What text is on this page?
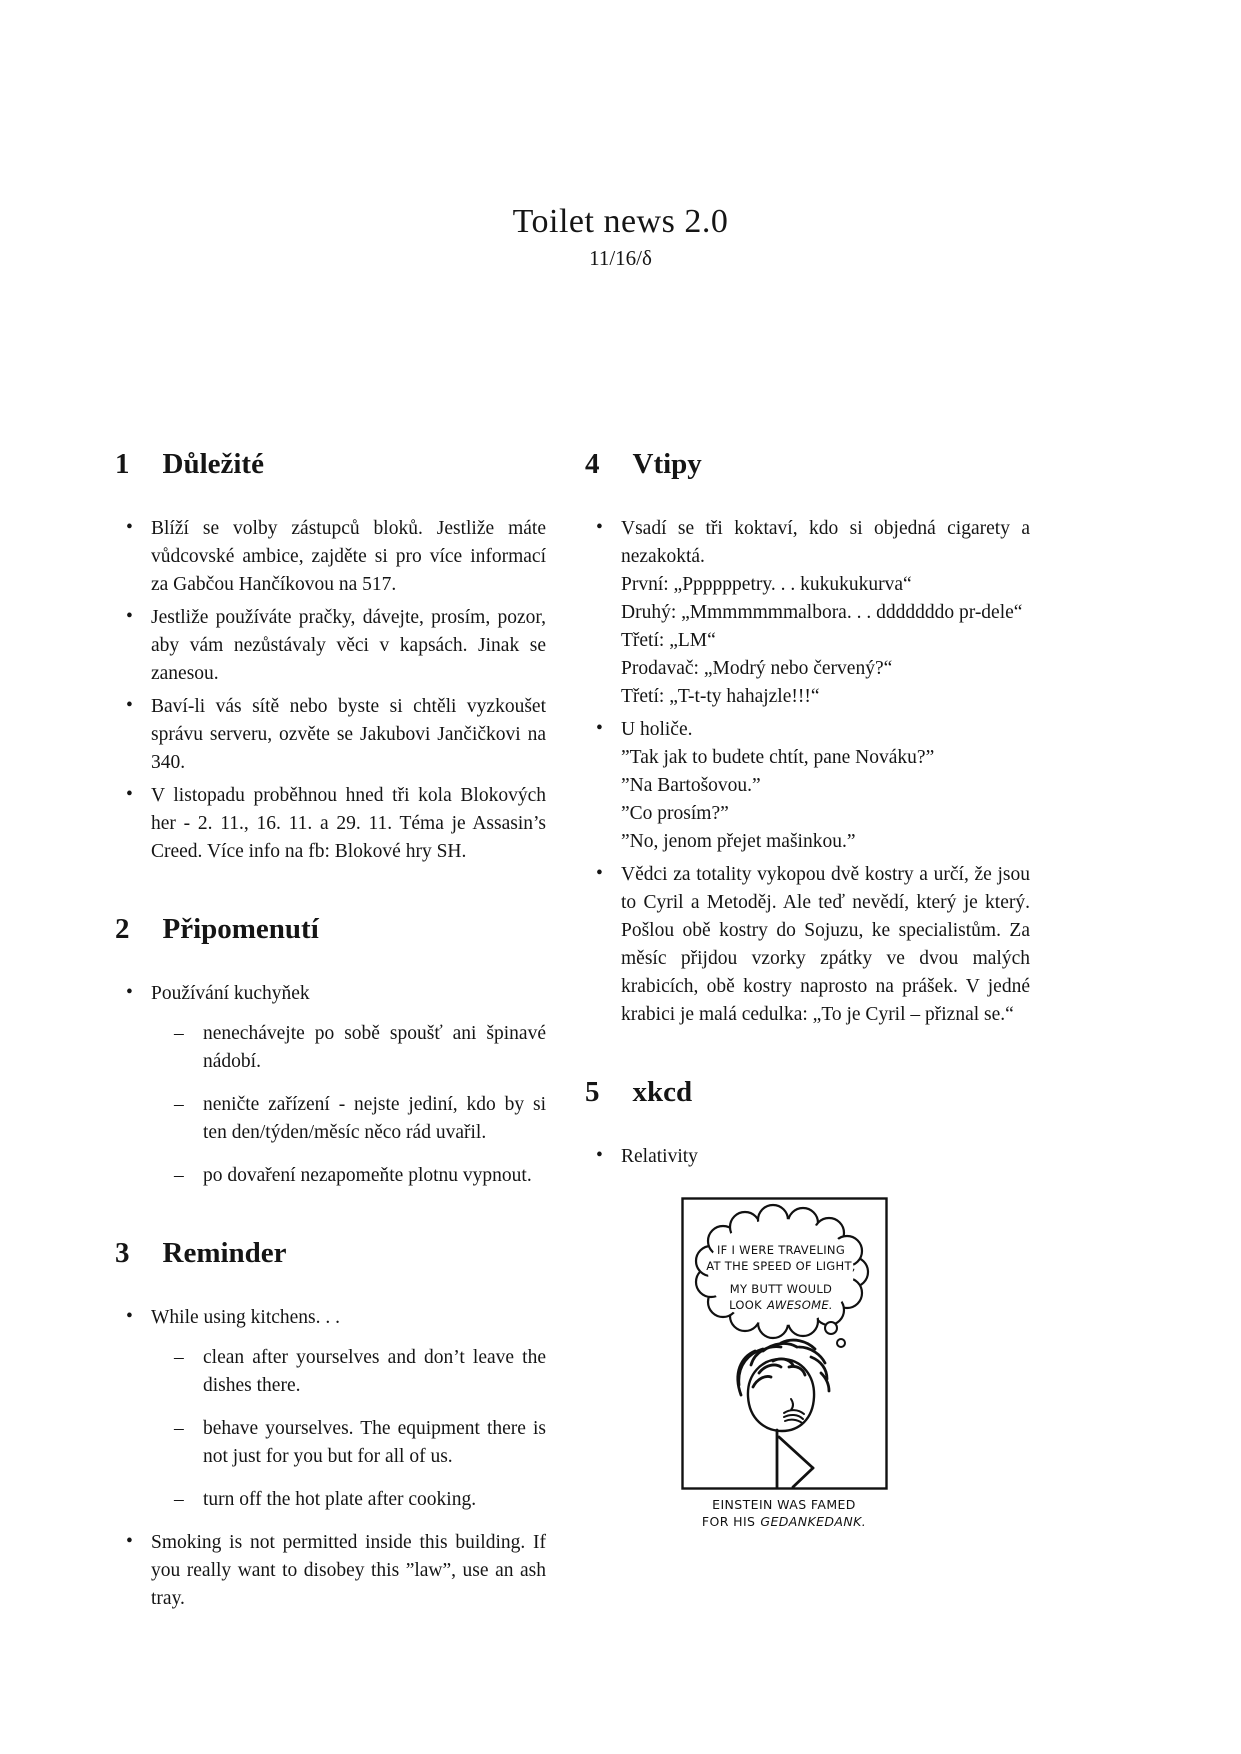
Toilet news 2.0
11/16/δ
1 Důležité
• Blíží se volby zástupců bloků. Jestliže máte vůdcovské ambice, zajděte si pro více informací za Gabčou Hančíkovou na 517.
• Jestliže používáte pračky, dávejte, prosím, pozor, aby vám nezůstávaly věci v kapsách. Jinak se zanesou.
• Baví-li vás sítě nebo byste si chtěli vyzkoušet správu serveru, ozvěte se Jakubovi Jančičkovi na 340.
• V listopadu proběhnou hned tři kola Blokových her - 2. 11., 16. 11. a 29. 11. Téma je Assasin’s Creed. Více info na fb: Blokové hry SH.
2 Připomenutí
• Používání kuchyňek
– nenechávejte po sobě spoušť ani špinavé nádobí.
– neničte zařízení - nejste jediní, kdo by si ten den/týden/měsíc něco rád uvařil.
– po dovaření nezapomeňte plotnu vypnout.
3 Reminder
• While using kitchens. . .
– clean after yourselves and don’t leave the dishes there.
– behave yourselves. The equipment there is not just for you but for all of us.
– turn off the hot plate after cooking.
• Smoking is not permitted inside this building. If you really want to disobey this ”law”, use an ash tray.
4 Vtipy
• Vsadí se tři koktaví, kdo si objedná cigarety a nezakoktá.
První: „Ppppppetry. . . kukukukurva“
Druhý: „Mmmmmmmalbora. . . dddddddo pr-dele“
Třetí: „LM“
Prodavač: „Modrý nebo červený?“
Třetí: „T-t-ty hahajzle!!!“
• U holiče.
”Tak jak to budete chtít, pane Nováku?”
”Na Bartošovou.”
”Co prosím?”
”No, jenom přejet mašinkou.”
• Vědci za totality vykopou dvě kostry a určí, že jsou to Cyril a Metoděj. Ale teď nevědí, který je který. Pošlou obě kostry do Sojuzu, ke specialistům. Za měsíc přijdou vzorky zpátky ve dvou malých krabicích, obě kostry naprosto na prášek. V jedné krabici je malá cedulka: „To je Cyril – přiznal se.“
5 xkcd
• Relativity
IF I WERE TRAVELING
AT THE SPEED OF LIGHT,
MY BUTT WOULD
LOOK AWESOME.
EINSTEIN WAS FAMED
FOR HIS GEDANKEDANK.
